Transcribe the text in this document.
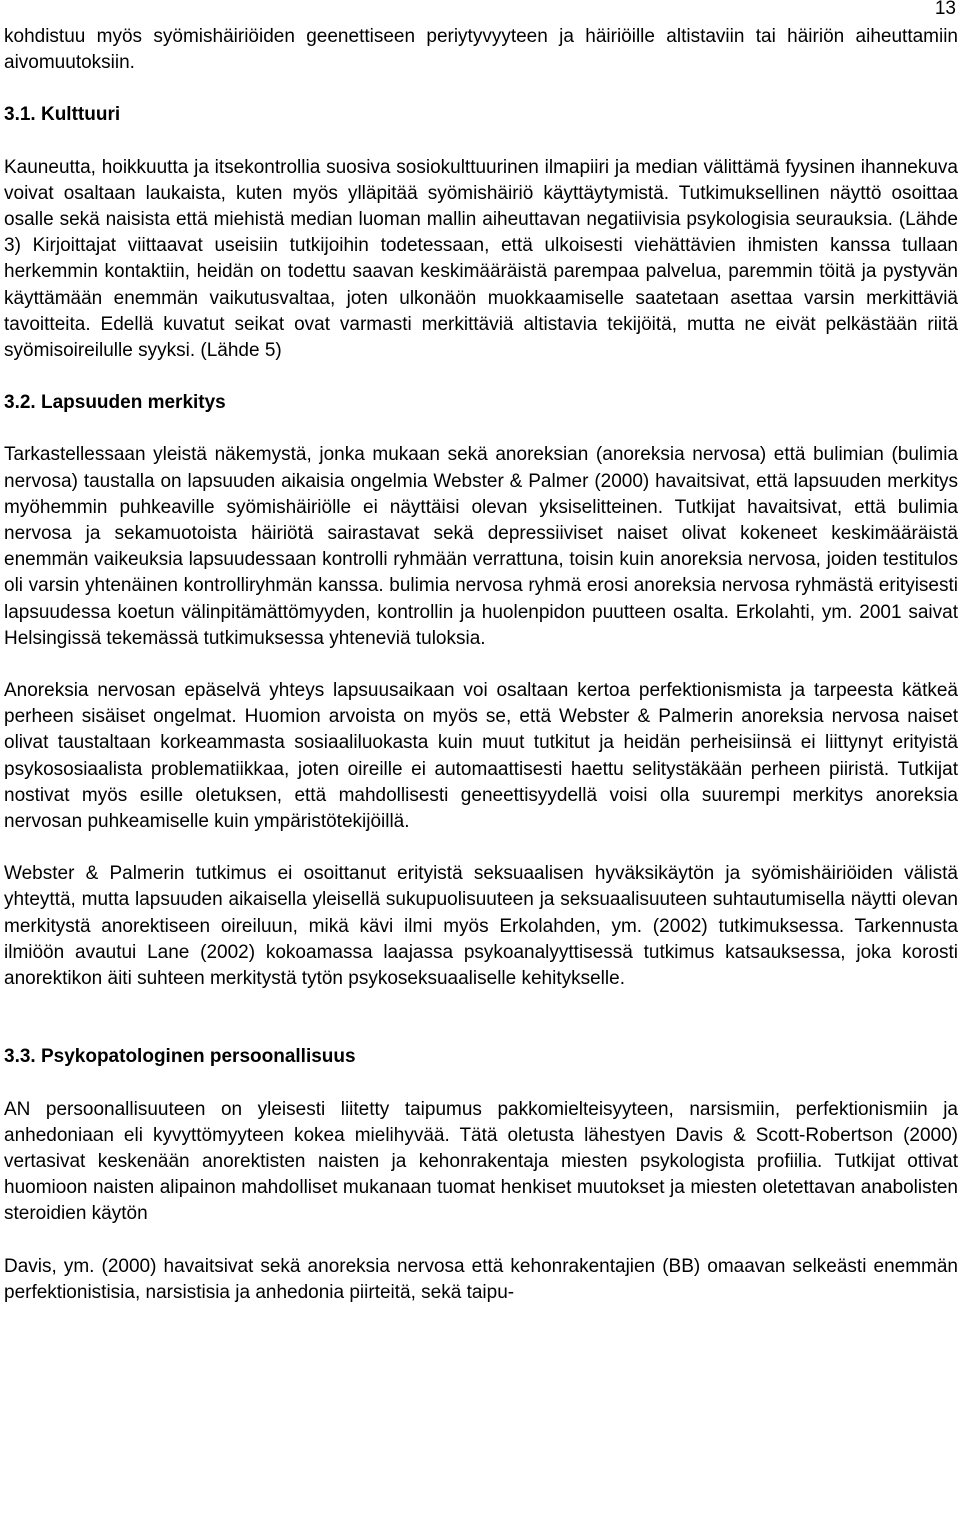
13

kohdistuu myös syömishäiriöiden geenettiseen periytyvyyteen ja häiriöille altistaviin tai häiriön aiheuttamiin aivomuutoksiin.

3.1. Kulttuuri

Kauneutta, hoikkuutta ja itsekontrollia suosiva sosiokulttuurinen ilmapiiri ja median välittämä fyysinen ihannekuva voivat osaltaan laukaista, kuten myös ylläpitää syömishäiriö käyttäytymistä. Tutkimuksellinen näyttö osoittaa osalle sekä naisista että miehistä median luoman mallin aiheuttavan negatiivisia psykologisia seurauksia. (Lähde 3) Kirjoittajat viittaavat useisiin tutkijoihin todetessaan, että ulkoisesti viehättävien ihmisten kanssa tullaan herkemmin kontaktiin, heidän on todettu saavan keskimääräistä parempaa palvelua, paremmin töitä ja pystyvän käyttämään enemmän vaikutusvaltaa, joten ulkonäön muokkaamiselle saatetaan asettaa varsin merkittäviä tavoitteita. Edellä kuvatut seikat ovat varmasti merkittäviä altistavia tekijöitä, mutta ne eivät pelkästään riitä syömisoireilulle syyksi. (Lähde 5)

3.2. Lapsuuden merkitys

Tarkastellessaan yleistä näkemystä, jonka mukaan sekä anoreksian (anoreksia nervosa) että bulimian (bulimia nervosa) taustalla on lapsuuden aikaisia ongelmia Webster & Palmer (2000) havaitsivat, että lapsuuden merkitys myöhemmin puhkeaville syömishäiriölle ei näyttäisi olevan yksiselitteinen. Tutkijat havaitsivat, että bulimia nervosa ja sekamuotoista häiriötä sairastavat sekä depressiiviset naiset olivat kokeneet keskimääräistä enemmän vaikeuksia lapsuudessaan kontrolli ryhmään verrattuna, toisin kuin anoreksia nervosa, joiden testitulos oli varsin yhtenäinen kontrolliryhmän kanssa. bulimia nervosa ryhmä erosi anoreksia nervosa ryhmästä erityisesti lapsuudessa koetun välinpitämättömyyden, kontrollin ja huolenpidon puutteen osalta. Erkolahti, ym. 2001 saivat Helsingissä tekemässä tutkimuksessa yhteneviä tuloksia.

Anoreksia nervosan epäselvä yhteys lapsuusaikaan voi osaltaan kertoa perfektionismista ja tarpeesta kätkeä perheen sisäiset ongelmat. Huomion arvoista on myös se, että Webster & Palmerin anoreksia nervosa naiset olivat taustaltaan korkeammasta sosiaaliluokasta kuin muut tutkitut ja heidän perheisiinsä ei liittynyt erityistä psykososiaalista problematiikkaa, joten oireille ei automaattisesti haettu selitystäkään perheen piiristä. Tutkijat nostivat myös esille oletuksen, että mahdollisesti geneettisyydellä voisi olla suurempi merkitys anoreksia nervosan puhkeamiselle kuin ympäristötekijöillä.

Webster & Palmerin tutkimus ei osoittanut erityistä seksuaalisen hyväksikäytön ja syömishäiriöiden välistä yhteyttä, mutta lapsuuden aikaisella yleisellä sukupuolisuuteen ja seksuaalisuuteen suhtautumisella näytti olevan merkitystä anorektiseen oireiluun, mikä kävi ilmi myös Erkolahden, ym. (2002) tutkimuksessa. Tarkennusta ilmiöön avautui Lane (2002) kokoamassa laajassa psykoanalyyttisessä tutkimus katsauksessa, joka korosti anorektikon äiti suhteen merkitystä tytön psykoseksuaaliselle kehitykselle.

3.3. Psykopatologinen persoonallisuus

AN persoonallisuuteen on yleisesti liitetty taipumus pakkomielteisyyteen, narsismiin, perfektionismiin ja anhedoniaan eli kyvyttömyyteen kokea mielihyvää. Tätä oletusta lähestyen Davis & Scott-Robertson (2000) vertasivat keskenään anorektisten naisten ja kehonrakentaja miesten psykologista profiilia. Tutkijat ottivat huomioon naisten alipainon mahdolliset mukanaan tuomat henkiset muutokset ja miesten oletettavan anabolisten steroidien käytön

Davis, ym. (2000) havaitsivat sekä anoreksia nervosa että kehonrakentajien (BB) omaavan selkeästi enemmän perfektionistisia, narsistisia ja anhedonia piirteitä, sekä taipu-
